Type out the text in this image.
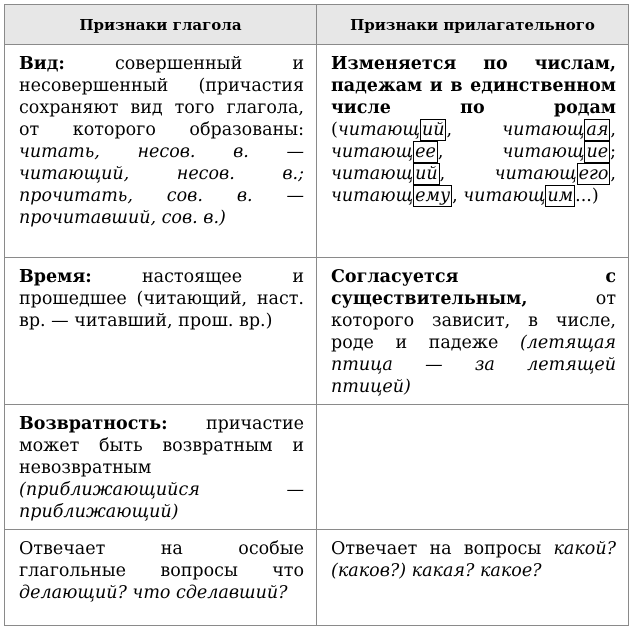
Признаки глагола	Признаки прилагательного
Вид: совершенный и несовершенный (причастия сохраняют вид того глагола, от которого образованы: читать, несов. в. — читающий, несов. в.; прочитать, сов. в. — прочитавший, сов. в.)	Изменяется по числам, падежам и в единственном числе по родам (читающ ий , читающ ая , читающ ее , читающ ие ; читающ ий , читающ его , читающ ему , читающ им ...)
Время: настоящее и прошедшее (читающий, наст. вр. — читавший, прош. вр.)	Согласуется с существительным, от которого зависит, в числе, роде и падеже (летящая птица — за летящей птицей)
Возвратность: причастие может быть возвратным и невозвратным (приближающийся — приближающий)	
Отвечает на особые глагольные вопросы что делающий? что сделавший?	Отвечает на вопросы какой? (каков?) какая? какое?
